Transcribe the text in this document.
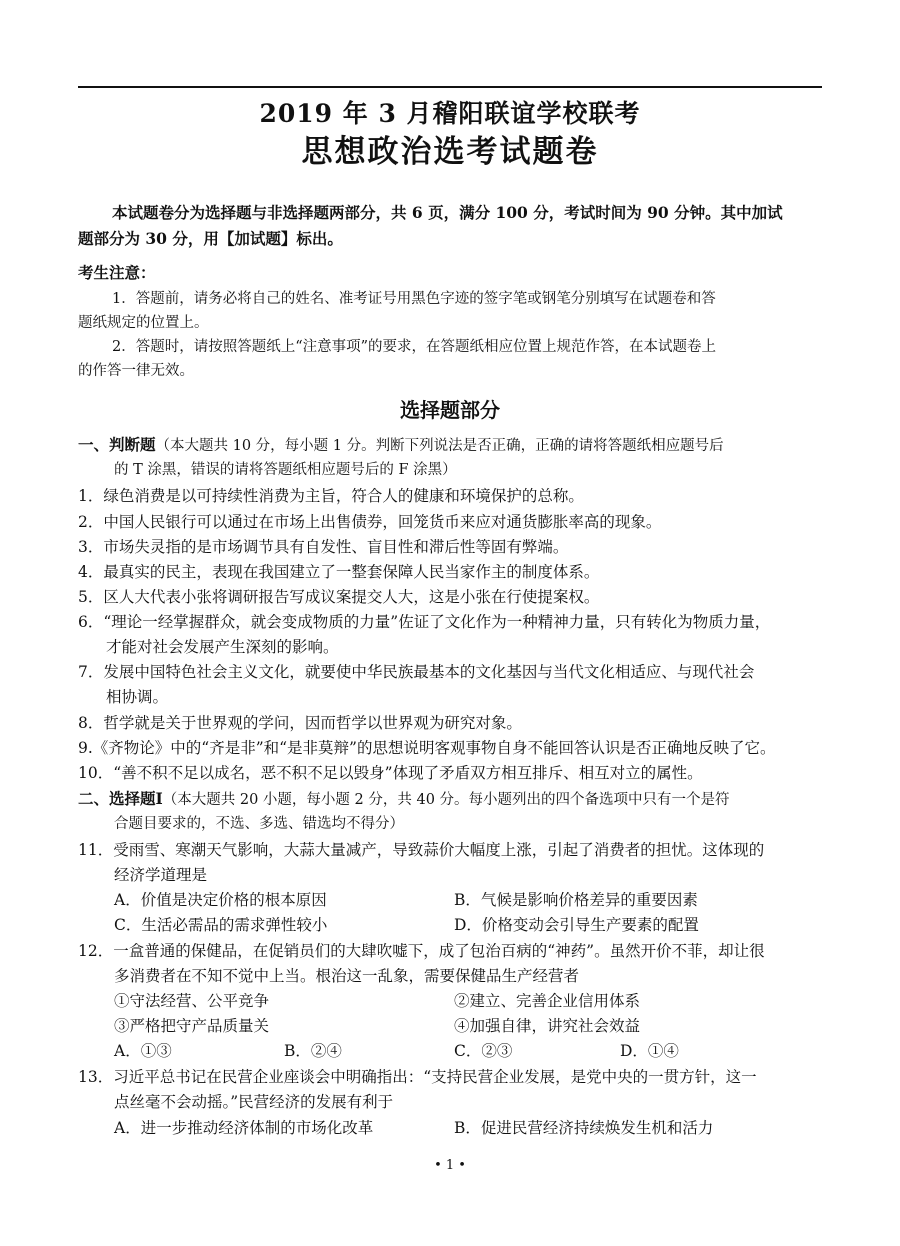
2019 年 3 月稽阳联谊学校联考
思想政治选考试题卷
本试题卷分为选择题与非选择题两部分，共 6 页，满分 100 分，考试时间为 90 分钟。其中加试
题部分为 30 分，用【加试题】标出。
考生注意：
1．答题前，请务必将自己的姓名、准考证号用黑色字迹的签字笔或钢笔分别填写在试题卷和答
题纸规定的位置上。
2．答题时，请按照答题纸上“注意事项”的要求，在答题纸相应位置上规范作答，在本试题卷上
的作答一律无效。
选择题部分
一、判断题（本大题共 10 分，每小题 1 分。判断下列说法是否正确，正确的请将答题纸相应题号后
的 T 涂黑，错误的请将答题纸相应题号后的 F 涂黑）
1．绿色消费是以可持续性消费为主旨，符合人的健康和环境保护的总称。
2．中国人民银行可以通过在市场上出售债券，回笼货币来应对通货膨胀率高的现象。
3．市场失灵指的是市场调节具有自发性、盲目性和滞后性等固有弊端。
4．最真实的民主，表现在我国建立了一整套保障人民当家作主的制度体系。
5．区人大代表小张将调研报告写成议案提交人大，这是小张在行使提案权。
6．“理论一经掌握群众，就会变成物质的力量”佐证了文化作为一种精神力量，只有转化为物质力量，
才能对社会发展产生深刻的影响。
7．发展中国特色社会主义文化，就要使中华民族最基本的文化基因与当代文化相适应、与现代社会
相协调。
8．哲学就是关于世界观的学问，因而哲学以世界观为研究对象。
9.《齐物论》中的“齐是非”和“是非莫辩”的思想说明客观事物自身不能回答认识是否正确地反映了它。
10．“善不积不足以成名，恶不积不足以毁身”体现了矛盾双方相互排斥、相互对立的属性。
二、选择题Ⅰ（本大题共 20 小题，每小题 2 分，共 40 分。每小题列出的四个备选项中只有一个是符
合题目要求的，不选、多选、错选均不得分）
11．受雨雪、寒潮天气影响，大蒜大量减产，导致蒜价大幅度上涨，引起了消费者的担忧。这体现的
经济学道理是
A．价值是决定价格的根本原因	B．气候是影响价格差异的重要因素
C．生活必需品的需求弹性较小	D．价格变动会引导生产要素的配置
12．一盒普通的保健品，在促销员们的大肆吹嘘下，成了包治百病的“神药”。虽然开价不菲，却让很
多消费者在不知不觉中上当。根治这一乱象，需要保健品生产经营者
①守法经营、公平竞争	②建立、完善企业信用体系
③严格把守产品质量关	④加强自律，讲究社会效益
A．①③	B．②④	C．②③	D．①④
13．习近平总书记在民营企业座谈会中明确指出：“支持民营企业发展，是党中央的一贯方针，这一
点丝毫不会动摇。”民营经济的发展有利于
A．进一步推动经济体制的市场化改革	B．促进民营经济持续焕发生机和活力
• 1 •
